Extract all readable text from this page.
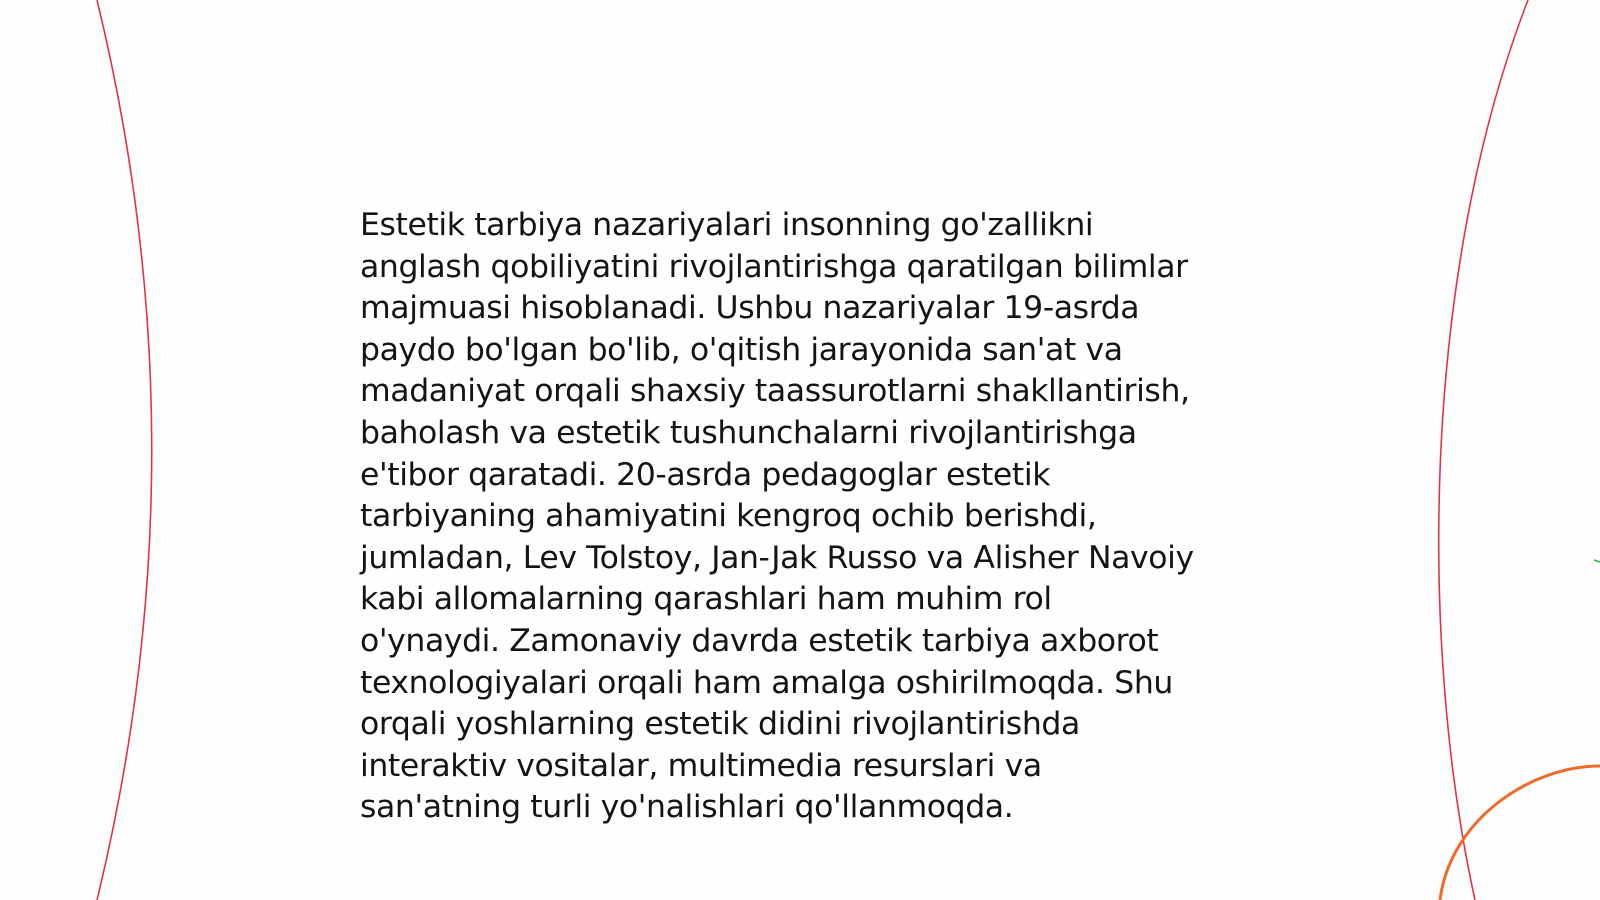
Estetik tarbiya nazariyalari insonning go'zallikni
anglash qobiliyatini rivojlantirishga qaratilgan bilimlar
majmuasi hisoblanadi. Ushbu nazariyalar 19-asrda
paydo bo'lgan bo'lib, o'qitish jarayonida san'at va
madaniyat orqali shaxsiy taassurotlarni shakllantirish,
baholash va estetik tushunchalarni rivojlantirishga
e'tibor qaratadi. 20-asrda pedagoglar estetik
tarbiyaning ahamiyatini kengroq ochib berishdi,
jumladan, Lev Tolstoy, Jan-Jak Russo va Alisher Navoiy
kabi allomalarning qarashlari ham muhim rol
o'ynaydi. Zamonaviy davrda estetik tarbiya axborot
texnologiyalari orqali ham amalga oshirilmoqda. Shu
orqali yoshlarning estetik didini rivojlantirishda
interaktiv vositalar, multimedia resurslari va
san'atning turli yo'nalishlari qo'llanmoqda.
